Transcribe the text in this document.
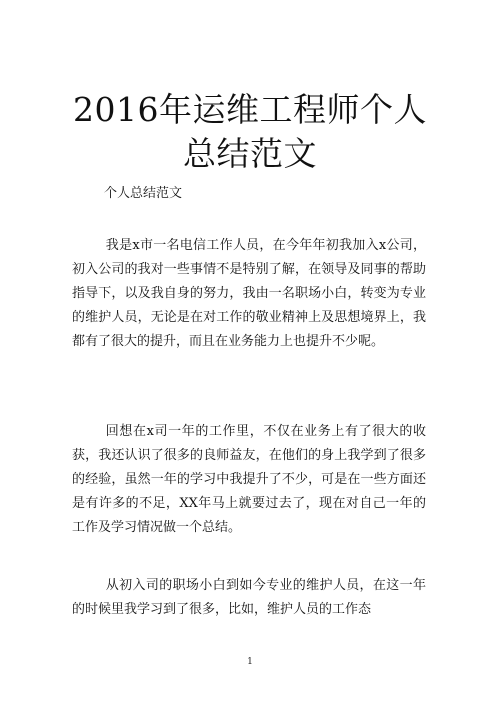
2016年运维工程师个人总结范文

个人总结范文

我是x市一名电信工作人员，在今年年初我加入x公司，初入公司的我对一些事情不是特别了解，在领导及同事的帮助指导下，以及我自身的努力，我由一名职场小白，转变为专业的维护人员，无论是在对工作的敬业精神上及思想境界上，我都有了很大的提升，而且在业务能力上也提升不少呢。

回想在x司一年的工作里，不仅在业务上有了很大的收获，我还认识了很多的良师益友，在他们的身上我学到了很多的经验，虽然一年的学习中我提升了不少，可是在一些方面还是有许多的不足，XX年马上就要过去了，现在对自己一年的工作及学习情况做一个总结。

从初入司的职场小白到如今专业的维护人员，在这一年的时候里我学习到了很多，比如，维护人员的工作态

1
